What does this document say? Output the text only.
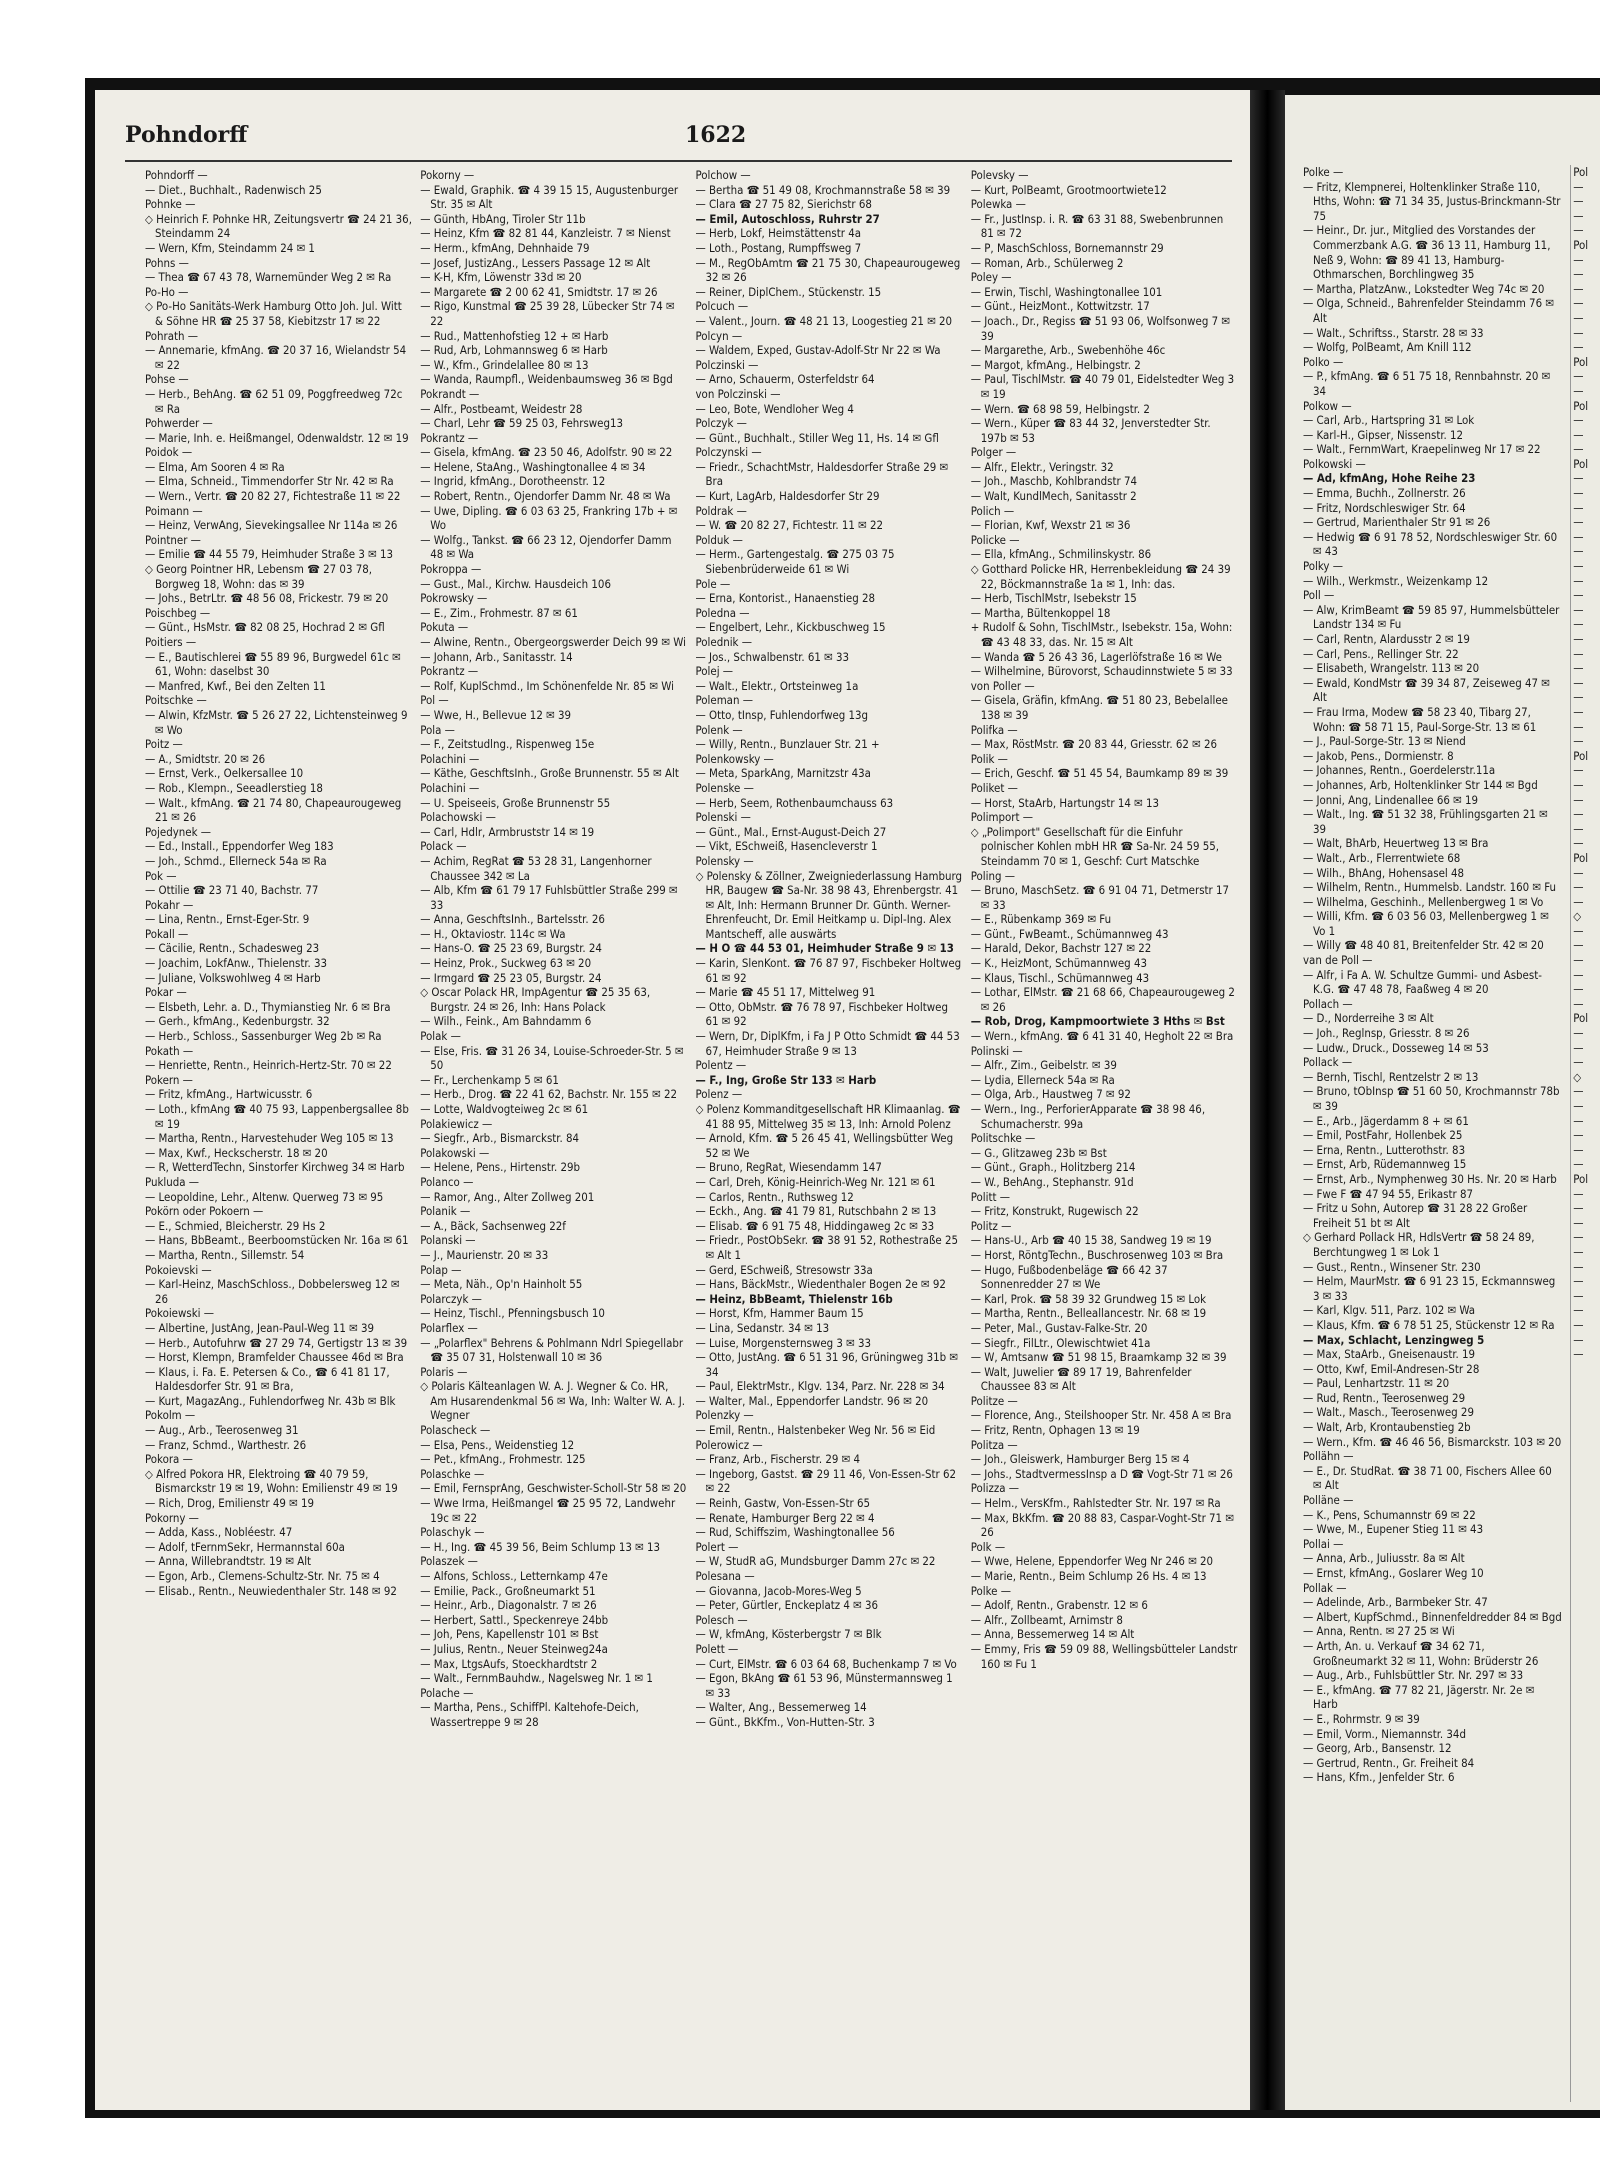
Pohndorff	1622

Pohndorff —

— Diet., Buchhalt., Radenwisch 25

Pohnke —

◇ Heinrich F. Pohnke HR, Zeitungsvertr ☎ 24 21 36, Steindamm 24

— Wern, Kfm, Steindamm 24 ✉ 1

Pohns —

— Thea ☎ 67 43 78, Warnemünder Weg 2 ✉ Ra

Po-Ho —

◇ Po-Ho Sanitäts-Werk Hamburg Otto Joh. Jul. Witt & Söhne HR ☎ 25 37 58, Kiebitzstr 17 ✉ 22

Pohrath —

— Annemarie, kfmAng. ☎ 20 37 16, Wielandstr 54 ✉ 22

Pohse —

— Herb., BehAng. ☎ 62 51 09, Poggfreedweg 72c ✉ Ra

Pohwerder —

— Marie, Inh. e. Heißmangel, Odenwaldstr. 12 ✉ 19

Poidok —

— Elma, Am Sooren 4 ✉ Ra

— Elma, Schneid., Timmendorfer Str Nr. 42 ✉ Ra

— Wern., Vertr. ☎ 20 82 27, Fichtestraße 11 ✉ 22

Poimann —

— Heinz, VerwAng, Sievekingsallee Nr 114a ✉ 26

Pointner —

— Emilie ☎ 44 55 79, Heimhuder Straße 3 ✉ 13

◇ Georg Pointner HR, Lebensm ☎ 27 03 78, Borgweg 18, Wohn: das ✉ 39

— Johs., BetrLtr. ☎ 48 56 08, Frickestr. 79 ✉ 20

Poischbeg —

— Günt., HsMstr. ☎ 82 08 25, Hochrad 2 ✉ Gfl

Poitiers —

— E., Bautischlerei ☎ 55 89 96, Burgwedel 61c ✉ 61, Wohn: daselbst 30

— Manfred, Kwf., Bei den Zelten 11

Poitschke —

— Alwin, KfzMstr. ☎ 5 26 27 22, Lichtensteinweg 9 ✉ Wo

Poitz —

— A., Smidtstr. 20 ✉ 26

— Ernst, Verk., Oelkersallee 10

— Rob., Klempn., Seeadlerstieg 18

— Walt., kfmAng. ☎ 21 74 80, Chapeaurougeweg 21 ✉ 26

Pojedynek —

— Ed., Install., Eppendorfer Weg 183

— Joh., Schmd., Ellerneck 54a ✉ Ra

Pok —

— Ottilie ☎ 23 71 40, Bachstr. 77

Pokahr —

— Lina, Rentn., Ernst-Eger-Str. 9

Pokall —

— Cäcilie, Rentn., Schadesweg 23

— Joachim, LokfAnw., Thielenstr. 33

— Juliane, Volkswohlweg 4 ✉ Harb

Pokar —

— Elsbeth, Lehr. a. D., Thymianstieg Nr. 6 ✉ Bra

— Gerh., kfmAng., Kedenburgstr. 32

— Herb., Schloss., Sassenburger Weg 2b ✉ Ra

Pokath —

— Henriette, Rentn., Heinrich-Hertz-Str. 70 ✉ 22

Pokern —

— Fritz, kfmAng., Hartwicusstr. 6

— Loth., kfmAng ☎ 40 75 93, Lappenbergsallee 8b ✉ 19

— Martha, Rentn., Harvestehuder Weg 105 ✉ 13

— Max, Kwf., Heckscherstr. 18 ✉ 20

— R, WetterdTechn, Sinstorfer Kirchweg 34 ✉ Harb

Pukluda —

— Leopoldine, Lehr., Altenw. Querweg 73 ✉ 95

Pokörn oder Pokoern —

— E., Schmied, Bleicherstr. 29 Hs 2

— Hans, BbBeamt., Beerboomstücken Nr. 16a ✉ 61

— Martha, Rentn., Sillemstr. 54

Pokoievski —

— Karl-Heinz, MaschSchloss., Dobbelersweg 12 ✉ 26

Pokoiewski —

— Albertine, JustAng, Jean-Paul-Weg 11 ✉ 39

— Herb., Autofuhrw ☎ 27 29 74, Gertigstr 13 ✉ 39

— Horst, Klempn, Bramfelder Chaussee 46d ✉ Bra

— Klaus, i. Fa. E. Petersen & Co., ☎ 6 41 81 17, Haldesdorfer Str. 91 ✉ Bra,

— Kurt, MagazAng., Fuhlendorfweg Nr. 43b ✉ Blk

Pokolm —

— Aug., Arb., Teerosenweg 31

— Franz, Schmd., Warthestr. 26

Pokora —

◇ Alfred Pokora HR, Elektroing ☎ 40 79 59, Bismarckstr 19 ✉ 19, Wohn: Emilienstr 49 ✉ 19

— Rich, Drog, Emilienstr 49 ✉ 19

Pokorny —

— Adda, Kass., Nobléestr. 47

— Adolf, tFernmSekr, Hermannstal 60a

— Anna, Willebrandtstr. 19 ✉ Alt

— Egon, Arb., Clemens-Schultz-Str. Nr. 75 ✉ 4

— Elisab., Rentn., Neuwiedenthaler Str. 148 ✉ 92

Pokorny —

— Ewald, Graphik. ☎ 4 39 15 15, Augustenburger Str. 35 ✉ Alt

— Günth, HbAng, Tiroler Str 11b

— Heinz, Kfm ☎ 82 81 44, Kanzleistr. 7 ✉ Nienst

— Herm., kfmAng, Dehnhaide 79

— Josef, JustizAng., Lessers Passage 12 ✉ Alt

— K-H, Kfm, Löwenstr 33d ✉ 20

— Margarete ☎ 2 00 62 41, Smidtstr. 17 ✉ 26

— Rigo, Kunstmal ☎ 25 39 28, Lübecker Str 74 ✉ 22

— Rud., Mattenhofstieg 12 + ✉ Harb

— Rud, Arb, Lohmannsweg 6 ✉ Harb

— W., Kfm., Grindelallee 80 ✉ 13

— Wanda, Raumpfl., Weidenbaumsweg 36 ✉ Bgd

Pokrandt —

— Alfr., Postbeamt, Weidestr 28

— Charl, Lehr ☎ 59 25 03, Fehrsweg13

Pokrantz —

— Gisela, kfmAng. ☎ 23 50 46, Adolfstr. 90 ✉ 22

— Helene, StaAng., Washingtonallee 4 ✉ 34

— Ingrid, kfmAng., Dorotheenstr. 12

— Robert, Rentn., Ojendorfer Damm Nr. 48 ✉ Wa

— Uwe, Dipling. ☎ 6 03 63 25, Frankring 17b + ✉ Wo

— Wolfg., Tankst. ☎ 66 23 12, Ojendorfer Damm 48 ✉ Wa

Pokroppa —

— Gust., Mal., Kirchw. Hausdeich 106

Pokrowsky —

— E., Zim., Frohmestr. 87 ✉ 61

Pokuta —

— Alwine, Rentn., Obergeorgswerder Deich 99 ✉ Wi

— Johann, Arb., Sanitasstr. 14

Pokrantz —

— Rolf, KuplSchmd., Im Schönenfelde Nr. 85 ✉ Wi

Pol —

— Wwe, H., Bellevue 12 ✉ 39

Pola —

— F., Zeitstudlng., Rispenweg 15e

Polachini —

— Käthe, GeschftsInh., Große Brunnenstr. 55 ✉ Alt

Polachini —

— U. Speiseeis, Große Brunnenstr 55

Polachowski —

— Carl, Hdlr, Armbruststr 14 ✉ 19

Polack —

— Achim, RegRat ☎ 53 28 31, Langenhorner Chaussee 342 ✉ La

— Alb, Kfm ☎ 61 79 17 Fuhlsbüttler Straße 299 ✉ 33

— Anna, GeschftsInh., Bartelsstr. 26

— H., Oktaviostr. 114c ✉ Wa

— Hans-O. ☎ 25 23 69, Burgstr. 24

— Heinz, Prok., Suckweg 63 ✉ 20

— Irmgard ☎ 25 23 05, Burgstr. 24

◇ Oscar Polack HR, ImpAgentur ☎ 25 35 63, Burgstr. 24 ✉ 26, Inh: Hans Polack

— Wilh., Feink., Am Bahndamm 6

Polak —

— Else, Fris. ☎ 31 26 34, Louise-Schroeder-Str. 5 ✉ 50

— Fr., Lerchenkamp 5 ✉ 61

— Herb., Drog. ☎ 22 41 62, Bachstr. Nr. 155 ✉ 22

— Lotte, Waldvogteiweg 2c ✉ 61

Polakiewicz —

— Siegfr., Arb., Bismarckstr. 84

Polakowski —

— Helene, Pens., Hirtenstr. 29b

Polanco —

— Ramor, Ang., Alter Zollweg 201

Polanik —

— A., Bäck, Sachsenweg 22f

Polanski —

— J., Maurienstr. 20 ✉ 33

Polap —

— Meta, Näh., Op'n Hainholt 55

Polarczyk —

— Heinz, Tischl., Pfenningsbusch 10

Polarflex —

— „Polarflex" Behrens & Pohlmann Ndrl Spiegellabr ☎ 35 07 31, Holstenwall 10 ✉ 36

Polaris —

◇ Polaris Kälteanlagen W. A. J. Wegner & Co. HR, Am Husarendenkmal 56 ✉ Wa, Inh: Walter W. A. J. Wegner

Polascheck —

— Elsa, Pens., Weidenstieg 12

— Pet., kfmAng., Frohmestr. 125

Polaschke —

— Emil, FernsprAng, Geschwister-Scholl-Str 58 ✉ 20

— Wwe Irma, Heißmangel ☎ 25 95 72, Landwehr 19c ✉ 22

Polaschyk —

— H., Ing. ☎ 45 39 56, Beim Schlump 13 ✉ 13

Polaszek —

— Alfons, Schloss., Letternkamp 47e

— Emilie, Pack., Großneumarkt 51

— Heinr., Arb., Diagonalstr. 7 ✉ 26

— Herbert, Sattl., Speckenreye 24bb

— Joh, Pens, Kapellenstr 101 ✉ Bst

— Julius, Rentn., Neuer Steinweg24a

— Max, LtgsAufs, Stoeckhardtstr 2

— Walt., FernmBauhdw., Nagelsweg Nr. 1 ✉ 1

Polache —

— Martha, Pens., SchiffPl. Kaltehofe-Deich, Wassertreppe 9 ✉ 28

Polchow —

— Bertha ☎ 51 49 08, Krochmannstraße 58 ✉ 39

— Clara ☎ 27 75 82, Sierichstr 68

— Emil, Autoschloss, Ruhrstr 27

— Herb, Lokf, Heimstättenstr 4a

— Loth., Postang, Rumpffsweg 7

— M., RegObAmtm ☎ 21 75 30, Chapeaurougeweg 32 ✉ 26

— Reiner, DiplChem., Stückenstr. 15

Polcuch —

— Valent., Journ. ☎ 48 21 13, Loogestieg 21 ✉ 20

Polcyn —

— Waldem, Exped, Gustav-Adolf-Str Nr 22 ✉ Wa

Polczinski —

— Arno, Schauerm, Osterfeldstr 64

von Polczinski —

— Leo, Bote, Wendloher Weg 4

Polczyk —

— Günt., Buchhalt., Stiller Weg 11, Hs. 14 ✉ Gfl

Polczynski —

— Friedr., SchachtMstr, Haldesdorfer Straße 29 ✉ Bra

— Kurt, LagArb, Haldesdorfer Str 29

Poldrak —

— W. ☎ 20 82 27, Fichtestr. 11 ✉ 22

Polduk —

— Herm., Gartengestalg. ☎ 275 03 75 Siebenbrüderweide 61 ✉ Wi

Pole —

— Erna, Kontorist., Hanaenstieg 28

Poledna —

— Engelbert, Lehr., Kickbuschweg 15

Polednik —

— Jos., Schwalbenstr. 61 ✉ 33

Polej —

— Walt., Elektr., Ortsteinweg 1a

Poleman —

— Otto, tInsp, Fuhlendorfweg 13g

Polenk —

— Willy, Rentn., Bunzlauer Str. 21 +

Polenkowsky —

— Meta, SparkAng, Marnitzstr 43a

Polenske —

— Herb, Seem, Rothenbaumchauss 63

Polenski —

— Günt., Mal., Ernst-August-Deich 27

— Vikt, ESchweiß, Hasencleverstr 1

Polensky —

◇ Polensky & Zöllner, Zweigniederlassung Hamburg HR, Baugew ☎ Sa-Nr. 38 98 43, Ehrenbergstr. 41 ✉ Alt, Inh: Hermann Brunner Dr. Günth. Werner-Ehrenfeucht, Dr. Emil Heitkamp u. Dipl-Ing. Alex Mantscheff, alle auswärts

— H O ☎ 44 53 01, Heimhuder Straße 9 ✉ 13

— Karin, SlenKont. ☎ 76 87 97, Fischbeker Holtweg 61 ✉ 92

— Marie ☎ 45 51 17, Mittelweg 91

— Otto, ObMstr. ☎ 76 78 97, Fischbeker Holtweg 61 ✉ 92

— Wern, Dr, DiplKfm, i Fa J P Otto Schmidt ☎ 44 53 67, Heimhuder Straße 9 ✉ 13

Polentz —

— F., Ing, Große Str 133 ✉ Harb

Polenz —

◇ Polenz Kommanditgesellschaft HR Klimaanlag. ☎ 41 88 95, Mittelweg 35 ✉ 13, Inh: Arnold Polenz

— Arnold, Kfm. ☎ 5 26 45 41, Wellingsbütter Weg 52 ✉ We

— Bruno, RegRat, Wiesendamm 147

— Carl, Dreh, König-Heinrich-Weg Nr. 121 ✉ 61

— Carlos, Rentn., Ruthsweg 12

— Eckh., Ang. ☎ 41 79 81, Rutschbahn 2 ✉ 13

— Elisab. ☎ 6 91 75 48, Hiddingaweg 2c ✉ 33

— Friedr., PostObSekr. ☎ 38 91 52, Rothestraße 25 ✉ Alt 1

— Gerd, ESchweiß, Stresowstr 33a

— Hans, BäckMstr., Wiedenthaler Bogen 2e ✉ 92

— Heinz, BbBeamt, Thielenstr 16b

— Horst, Kfm, Hammer Baum 15

— Lina, Sedanstr. 34 ✉ 13

— Luise, Morgensternsweg 3 ✉ 33

— Otto, JustAng. ☎ 6 51 31 96, Grüningweg 31b ✉ 34

— Paul, ElektrMstr., Klgv. 134, Parz. Nr. 228 ✉ 34

— Walter, Mal., Eppendorfer Landstr. 96 ✉ 20

Polenzky —

— Emil, Rentn., Halstenbeker Weg Nr. 56 ✉ Eid

Polerowicz —

— Franz, Arb., Fischerstr. 29 ✉ 4

— Ingeborg, Gastst. ☎ 29 11 46, Von-Essen-Str 62 ✉ 22

— Reinh, Gastw, Von-Essen-Str 65

— Renate, Hamburger Berg 22 ✉ 4

— Rud, Schiffszim, Washingtonallee 56

Polert —

— W, StudR aG, Mundsburger Damm 27c ✉ 22

Polesana —

— Giovanna, Jacob-Mores-Weg 5

— Peter, Gürtler, Enckeplatz 4 ✉ 36

Polesch —

— W, kfmAng, Kösterbergstr 7 ✉ Blk

Polett —

— Curt, ElMstr. ☎ 6 03 64 68, Buchenkamp 7 ✉ Vo

— Egon, BkAng ☎ 61 53 96, Münstermannsweg 1 ✉ 33

— Walter, Ang., Bessemerweg 14

— Günt., BkKfm., Von-Hutten-Str. 3

Polevsky —

— Kurt, PolBeamt, Grootmoortwiete12

Polewka —

— Fr., JustInsp. i. R. ☎ 63 31 88, Swebenbrunnen 81 ✉ 72

— P, MaschSchloss, Bornemannstr 29

— Roman, Arb., Schülerweg 2

Poley —

— Erwin, Tischl, Washingtonallee 101

— Günt., HeizMont., Kottwitzstr. 17

— Joach., Dr., Regiss ☎ 51 93 06, Wolfsonweg 7 ✉ 39

— Margarethe, Arb., Swebenhöhe 46c

— Margot, kfmAng., Helbingstr. 2

— Paul, TischlMstr. ☎ 40 79 01, Eidelstedter Weg 3 ✉ 19

— Wern. ☎ 68 98 59, Helbingstr. 2

— Wern., Küper ☎ 83 44 32, Jenverstedter Str. 197b ✉ 53

Polger —

— Alfr., Elektr., Veringstr. 32

— Joh., Maschb, Kohlbrandstr 74

— Walt, KundlMech, Sanitasstr 2

Polich —

— Florian, Kwf, Wexstr 21 ✉ 36

Policke —

— Ella, kfmAng., Schmilinskystr. 86

◇ Gotthard Policke HR, Herrenbekleidung ☎ 24 39 22, Böckmannstraße 1a ✉ 1, Inh: das.

— Herb, TischlMstr, Isebekstr 15

— Martha, Bültenkoppel 18

+ Rudolf & Sohn, TischlMstr., Isebekstr. 15a, Wohn: ☎ 43 48 33, das. Nr. 15 ✉ Alt

— Wanda ☎ 5 26 43 36, Lagerlöfstraße 16 ✉ We

— Wilhelmine, Bürovorst, Schaudinnstwiete 5 ✉ 33

von Poller —

— Gisela, Gräfin, kfmAng. ☎ 51 80 23, Bebelallee 138 ✉ 39

Polifka —

— Max, RöstMstr. ☎ 20 83 44, Griesstr. 62 ✉ 26

Polik —

— Erich, Geschf. ☎ 51 45 54, Baumkamp 89 ✉ 39

Poliket —

— Horst, StaArb, Hartungstr 14 ✉ 13

Polimport —

◇ „Polimport" Gesellschaft für die Einfuhr polnischer Kohlen mbH HR ☎ Sa-Nr. 24 59 55, Steindamm 70 ✉ 1, Geschf: Curt Matschke

Poling —

— Bruno, MaschSetz. ☎ 6 91 04 71, Detmerstr 17 ✉ 33

— E., Rübenkamp 369 ✉ Fu

— Günt., FwBeamt., Schümannweg 43

— Harald, Dekor, Bachstr 127 ✉ 22

— K., HeizMont, Schümannweg 43

— Klaus, Tischl., Schümannweg 43

— Lothar, ElMstr. ☎ 21 68 66, Chapeaurougeweg 2 ✉ 26

— Rob, Drog, Kampmoortwiete 3 Hths ✉ Bst

— Wern., kfmAng. ☎ 6 41 31 40, Hegholt 22 ✉ Bra

Polinski —

— Alfr., Zim., Geibelstr. ✉ 39

— Lydia, Ellerneck 54a ✉ Ra

— Olga, Arb., Haustweg 7 ✉ 92

— Wern., Ing., PerforierApparate ☎ 38 98 46, Schumacherstr. 99a

Politschke —

— G., Glitzaweg 23b ✉ Bst

— Günt., Graph., Holitzberg 214

— W., BehAng., Stephanstr. 91d

Politt —

— Fritz, Konstrukt, Rugewisch 22

Politz —

— Hans-U., Arb ☎ 40 15 38, Sandweg 19 ✉ 19

— Horst, RöntgTechn., Buschrosenweg 103 ✉ Bra

— Hugo, Fußbodenbeläge ☎ 66 42 37 Sonnenredder 27 ✉ We

— Karl, Prok. ☎ 58 39 32 Grundweg 15 ✉ Lok

— Martha, Rentn., Belleallancestr. Nr. 68 ✉ 19

— Peter, Mal., Gustav-Falke-Str. 20

— Siegfr., FilLtr., Olewischtwiet 41a

— W, Amtsanw ☎ 51 98 15, Braamkamp 32 ✉ 39

— Walt, Juwelier ☎ 89 17 19, Bahrenfelder Chaussee 83 ✉ Alt

Politze —

— Florence, Ang., Steilshooper Str. Nr. 458 A ✉ Bra

— Fritz, Rentn, Ophagen 13 ✉ 19

Politza —

— Joh., Gleiswerk, Hamburger Berg 15 ✉ 4

— Johs., StadtvermessInsp a D ☎ Vogt-Str 71 ✉ 26

Polizza —

— Helm., VersKfm., Rahlstedter Str. Nr. 197 ✉ Ra

— Max, BkKfm. ☎ 20 88 83, Caspar-Voght-Str 71 ✉ 26

Polk —

— Wwe, Helene, Eppendorfer Weg Nr 246 ✉ 20

— Marie, Rentn., Beim Schlump 26 Hs. 4 ✉ 13

Polke —

— Adolf, Rentn., Grabenstr. 12 ✉ 6

— Alfr., Zollbeamt, Arnimstr 8

— Anna, Bessemerweg 14 ✉ Alt

— Emmy, Fris ☎ 59 09 88, Wellingsbütteler Landstr 160 ✉ Fu 1

Polke —

— Fritz, Klempnerei, Holtenklinker Straße 110, Hths, Wohn: ☎ 71 34 35, Justus-Brinckmann-Str 75

— Heinr., Dr. jur., Mitglied des Vorstandes der Commerzbank A.G. ☎ 36 13 11, Hamburg 11, Neß 9, Wohn: ☎ 89 41 13, Hamburg-Othmarschen, Borchlingweg 35

— Martha, PlatzAnw., Lokstedter Weg 74c ✉ 20

— Olga, Schneid., Bahrenfelder Steindamm 76 ✉ Alt

— Walt., Schriftss., Starstr. 28 ✉ 33

— Wolfg, PolBeamt, Am Knill 112

Polko —

— P., kfmAng. ☎ 6 51 75 18, Rennbahnstr. 20 ✉ 34

Polkow —

— Carl, Arb., Hartspring 31 ✉ Lok

— Karl-H., Gipser, Nissenstr. 12

— Walt., FernmWart, Kraepelinweg Nr 17 ✉ 22

Polkowski —

— Ad, kfmAng, Hohe Reihe 23

— Emma, Buchh., Zollnerstr. 26

— Fritz, Nordschleswiger Str. 64

— Gertrud, Marienthaler Str 91 ✉ 26

— Hedwig ☎ 6 91 78 52, Nordschleswiger Str. 60 ✉ 43

Polky —

— Wilh., Werkmstr., Weizenkamp 12

Poll —

— Alw, KrimBeamt ☎ 59 85 97, Hummelsbütteler Landstr 134 ✉ Fu

— Carl, Rentn, Alardusstr 2 ✉ 19

— Carl, Pens., Rellinger Str. 22

— Elisabeth, Wrangelstr. 113 ✉ 20

— Ewald, KondMstr ☎ 39 34 87, Zeiseweg 47 ✉ Alt

— Frau Irma, Modew ☎ 58 23 40, Tibarg 27, Wohn: ☎ 58 71 15, Paul-Sorge-Str. 13 ✉ 61

— J., Paul-Sorge-Str. 13 ✉ Niend

— Jakob, Pens., Dormienstr. 8

— Johannes, Rentn., Goerdelerstr.11a

— Johannes, Arb, Holtenklinker Str 144 ✉ Bgd

— Jonni, Ang, Lindenallee 66 ✉ 19

— Walt., Ing. ☎ 51 32 38, Frühlingsgarten 21 ✉ 39

— Walt, BhArb, Heuertweg 13 ✉ Bra

— Walt., Arb., Flerrentwiete 68

— Wilh., BhAng, Hohensasel 48

— Wilhelm, Rentn., Hummelsb. Landstr. 160 ✉ Fu

— Wilhelma, Geschinh., Mellenbergweg 1 ✉ Vo

— Willi, Kfm. ☎ 6 03 56 03, Mellenbergweg 1 ✉ Vo 1

— Willy ☎ 48 40 81, Breitenfelder Str. 42 ✉ 20

van de Poll —

— Alfr, i Fa A. W. Schultze Gummi- und Asbest-K.G. ☎ 47 48 78, Faaßweg 4 ✉ 20

Pollach —

— D., Norderreihe 3 ✉ Alt

— Joh., Reglnsp, Griesstr. 8 ✉ 26

— Ludw., Druck., Dosseweg 14 ✉ 53

Pollack —

— Bernh, Tischl, Rentzelstr 2 ✉ 13

— Bruno, tObInsp ☎ 51 60 50, Krochmannstr 78b ✉ 39

— E., Arb., Jägerdamm 8 + ✉ 61

— Emil, PostFahr, Hollenbek 25

— Erna, Rentn., Lutterothstr. 83

— Ernst, Arb, Rüdemannweg 15

— Ernst, Arb., Nymphenweg 30 Hs. Nr. 20 ✉ Harb

— Fwe F ☎ 47 94 55, Erikastr 87

— Fritz u Sohn, Autorep ☎ 31 28 22 Großer Freiheit 51 bt ✉ Alt

◇ Gerhard Pollack HR, HdlsVertr ☎ 58 24 89, Berchtungweg 1 ✉ Lok 1

— Gust., Rentn., Winsener Str. 230

— Helm, MaurMstr. ☎ 6 91 23 15, Eckmannsweg 3 ✉ 33

— Karl, Klgv. 511, Parz. 102 ✉ Wa

— Klaus, Kfm. ☎ 6 78 51 25, Stückenstr 12 ✉ Ra

— Max, Schlacht, Lenzingweg 5

— Max, StaArb., Gneisenaustr. 19

— Otto, Kwf, Emil-Andresen-Str 28

— Paul, Lenhartzstr. 11 ✉ 20

— Rud, Rentn., Teerosenweg 29

— Walt., Masch., Teerosenweg 29

— Walt, Arb, Krontaubenstieg 2b

— Wern., Kfm. ☎ 46 46 56, Bismarckstr. 103 ✉ 20

Pollähn —

— E., Dr. StudRat. ☎ 38 71 00, Fischers Allee 60 ✉ Alt

Polläne —

— K., Pens, Schumannstr 69 ✉ 22

— Wwe, M., Eupener Stieg 11 ✉ 43

Pollai —

— Anna, Arb., Juliusstr. 8a ✉ Alt

— Ernst, kfmAng., Goslarer Weg 10

Pollak —

— Adelinde, Arb., Barmbeker Str. 47

— Albert, KupfSchmd., Binnenfeldredder 84 ✉ Bgd

— Anna, Rentn. ✉ 27 25 ✉ Wi

— Arth, An. u. Verkauf ☎ 34 62 71, Großneumarkt 32 ✉ 11, Wohn: Brüderstr 26

— Aug., Arb., Fuhlsbüttler Str. Nr. 297 ✉ 33

— E., kfmAng. ☎ 77 82 21, Jägerstr. Nr. 2e ✉ Harb

— E., Rohrmstr. 9 ✉ 39

— Emil, Vorm., Niemannstr. 34d

— Georg, Arb., Bansenstr. 12

— Gertrud, Rentn., Gr. Freiheit 84

— Hans, Kfm., Jenfelder Str. 6

Pol

—

—

—

—

Pol

—

—

—

—

—

—

—

Pol

—

—

Pol

—

—

—

Pol

—

—

—

—

—

—

—

—

—

—

—

—

—

—

—

—

—

—

—

Pol

—

—

—

—

—

—

Pol

—

—

—

◇

—

—

—

—

—

—

Pol

—

—

—

◇

—

—

—

—

—

—

Pol

—

—

—

—

—

—

—

—

—

—

—

—
